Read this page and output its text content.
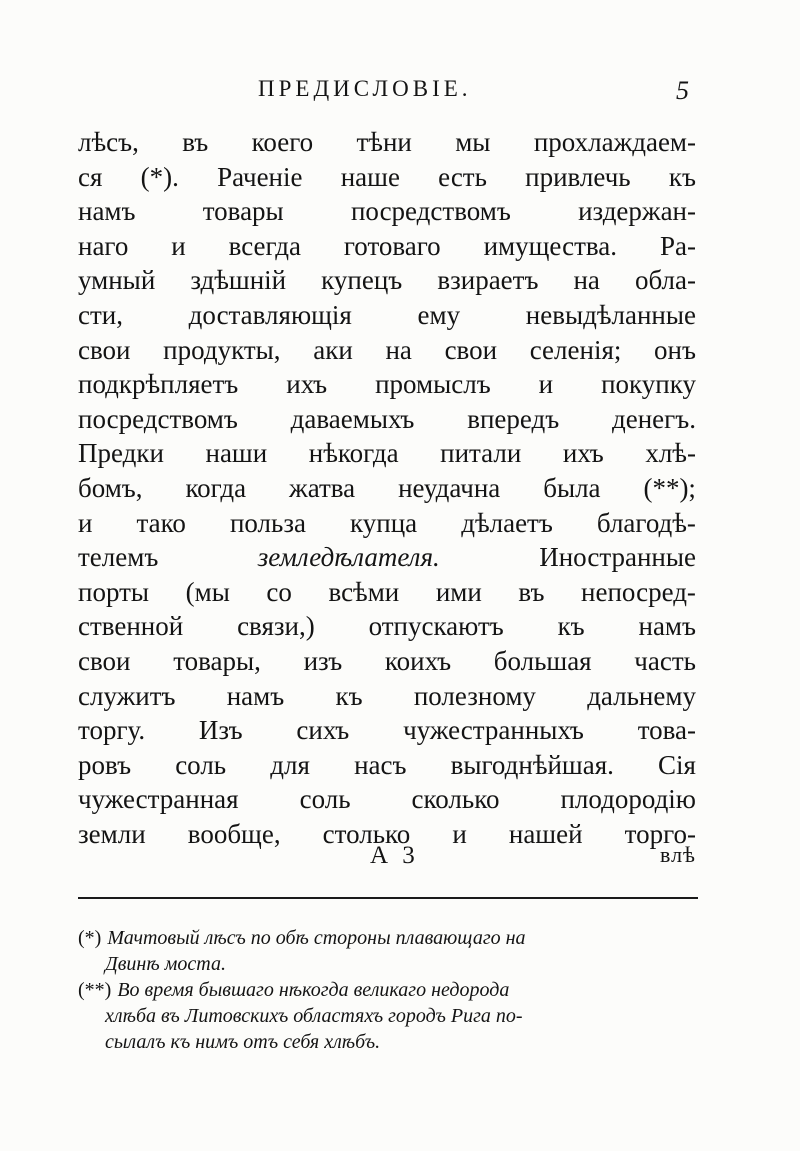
ПРЕДИСЛОВІЕ.	5
лѣсъ, въ коего тѣни мы прохлаждаем-
ся (*). Раченіе наше есть привлечь къ
намъ товары посредствомъ издержан-
наго и всегда готоваго имущества. Ра-
умный здѣшній купецъ взираетъ на обла-
сти, доставляющія ему невыдѣланные
свои продукты, аки на свои селенія; онъ
подкрѣпляетъ ихъ промыслъ и покупку
посредствомъ даваемыхъ впередъ денегъ.
Предки наши нѣкогда питали ихъ хлѣ-
бомъ, когда жатва неудачна была (**);
и тако польза купца дѣлаетъ благодѣ-
телемъ	земледѣлателя.	Иностранные
порты (мы со всѣми ими въ непосред-
ственной связи,) отпускаютъ къ намъ
свои товары, изъ коихъ большая часть
служитъ намъ къ полезному дальнему
торгу. Изъ сихъ чужестранныхъ това-
ровъ соль для насъ выгоднѣйшая. Сія
чужестранная соль сколько плодородію
земли вообще, столько и нашей торго-
А 3	влѣ
(*) Мачтовый лѣсъ по обѣ стороны плавающаго на
Двинѣ моста.
(**) Во время бывшаго нѣкогда великаго недорода
хлѣба въ Литовскихъ областяхъ городъ Рига по-
сылалъ къ нимъ отъ себя хлѣбъ.
